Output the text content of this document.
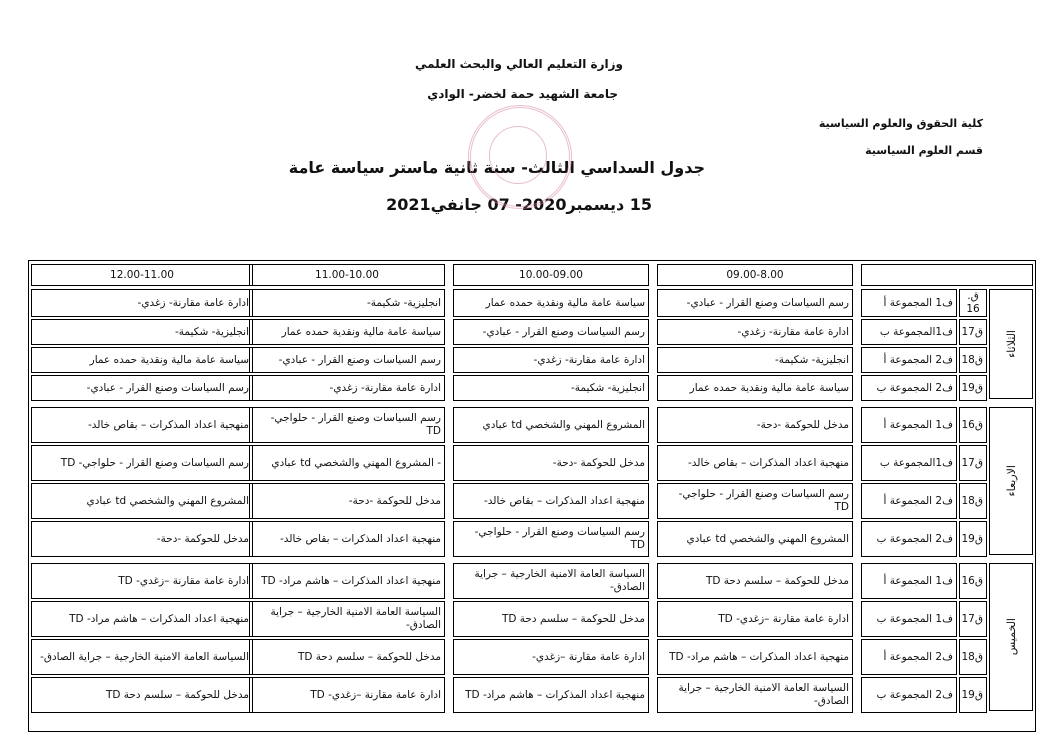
وزارة التعليم العالي والبحث العلمي
جامعة الشهيد حمة لخضر- الوادي
كلية الحقوق والعلوم السياسية
قسم العلوم السياسية
جدول السداسي الثالث- سنة ثانية ماستر سياسة عامة
15 ديسمبر2020- 07 جانفي2021
09.00-8.00
10.00-09.00
11.00-10.00
12.00-11.00
ق. 16
ف1 المجموعة أ
رسم السياسات وصنع القرار - عبادي-
سياسة عامة مالية ونقدية حمده عمار
انجليزية- شكيمة-
ادارة عامة مقارنة- زغدي-
ق17
ف1المجموعة ب
ادارة عامة مقارنة- زغدي-
رسم السياسات وصنع القرار - عبادي-
سياسة عامة مالية ونقدية حمده عمار
انجليزية- شكيمة-
ق18
ف2 المجموعة أ
انجليزية- شكيمة-
ادارة عامة مقارنة- زغدي-
رسم السياسات وصنع القرار - عبادي-
سياسة عامة مالية ونقدية حمده عمار
ق19
ف2 المجموعة ب
سياسة عامة مالية ونقدية حمده عمار
انجليزية- شكيمة-
ادارة عامة مقارنة- زغدي-
رسم السياسات وصنع القرار - عبادي-
الثلاثاء
ق16
ف1 المجموعة أ
مدخل للحوكمة -دحة-
المشروع المهني والشخصي td عبادي
رسم السياسات وصنع القرار - حلواجي- TD
منهجية اعداد المذكرات – بقاص خالد-
ق17
ف1المجموعة ب
منهجية اعداد المذكرات – بقاص خالد-
مدخل للحوكمة -دحة-
- المشروع المهني والشخصي td عبادي
رسم السياسات وصنع القرار - حلواجي- TD
ق18
ف2 المجموعة أ
رسم السياسات وصنع القرار - حلواجي- TD
منهجية اعداد المذكرات – بقاص خالد-
مدخل للحوكمة -دحة-
المشروع المهني والشخصي td عبادي
ق19
ف2 المجموعة ب
المشروع المهني والشخصي td عبادي
رسم السياسات وصنع القرار - حلواجي- TD
منهجية اعداد المذكرات – بقاص خالد-
مدخل للحوكمة -دحة-
الاربعاء
ق16
ف1 المجموعة أ
مدخل للحوكمة – سلسم دحة TD
السياسة العامة الامنية الخارجية – جراية الصادق-
منهجية اعداد المذكرات – هاشم مراد- TD
ادارة عامة مقارنة –زغدي- TD
ق17
ف1 المجموعة ب
ادارة عامة مقارنة –زغدي- TD
مدخل للحوكمة – سلسم دحة TD
السياسة العامة الامنية الخارجية – جراية الصادق-
منهجية اعداد المذكرات – هاشم مراد- TD
ق18
ف2 المجموعة أ
منهجية اعداد المذكرات – هاشم مراد- TD
ادارة عامة مقارنة –زغدي-
مدخل للحوكمة – سلسم دحة TD
السياسة العامة الامنية الخارجية – جراية الصادق-
ق19
ف2 المجموعة ب
السياسة العامة الامنية الخارجية – جراية الصادق-
منهجية اعداد المذكرات – هاشم مراد- TD
ادارة عامة مقارنة –زغدي- TD
مدخل للحوكمة – سلسم دحة TD
الخميس
